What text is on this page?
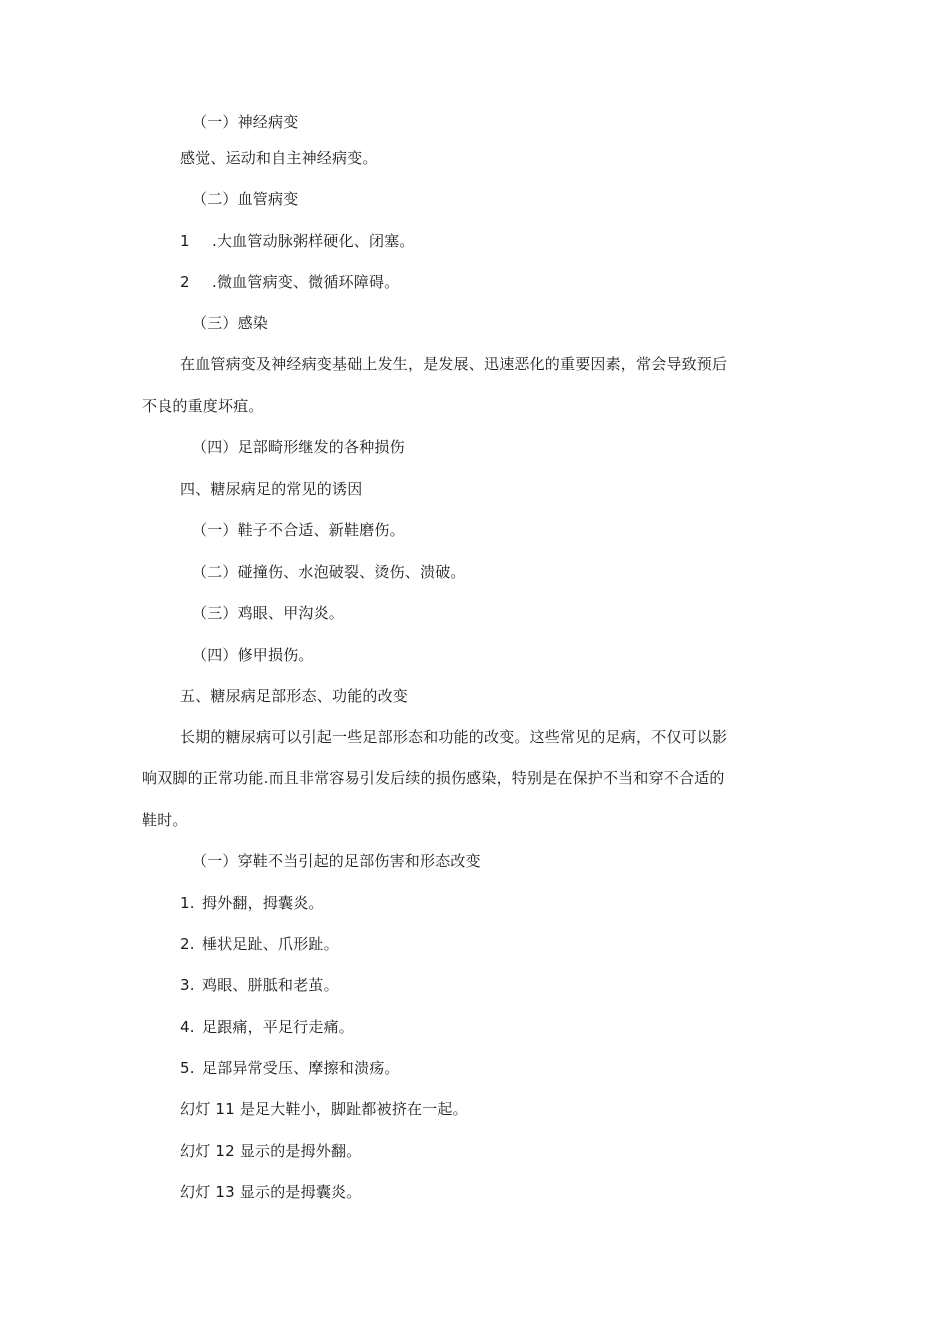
（一）神经病变
感觉、运动和自主神经病变。
（二）血管病变
1 .大血管动脉粥样硬化、闭塞。
2 .微血管病变、微循环障碍。
（三）感染
在血管病变及神经病变基础上发生，是发展、迅速恶化的重要因素，常会导致预后
不良的重度坏疽。
（四）足部畸形继发的各种损伤
四、糖尿病足的常见的诱因
（一）鞋子不合适、新鞋磨伤。
（二）碰撞伤、水泡破裂、烫伤、溃破。
（三）鸡眼、甲沟炎。
（四）修甲损伤。
五、糖尿病足部形态、功能的改变
长期的糖尿病可以引起一些足部形态和功能的改变。这些常见的足病，不仅可以影
响双脚的正常功能.而且非常容易引发后续的损伤感染，特别是在保护不当和穿不合适的
鞋时。
（一）穿鞋不当引起的足部伤害和形态改变
1. 拇外翻，拇囊炎。
2. 棰状足趾、爪形趾。
3. 鸡眼、胼胝和老茧。
4. 足跟痛，平足行走痛。
5. 足部异常受压、摩擦和溃疡。
幻灯 11 是足大鞋小，脚趾都被挤在一起。
幻灯 12 显示的是拇外翻。
幻灯 13 显示的是拇囊炎。
